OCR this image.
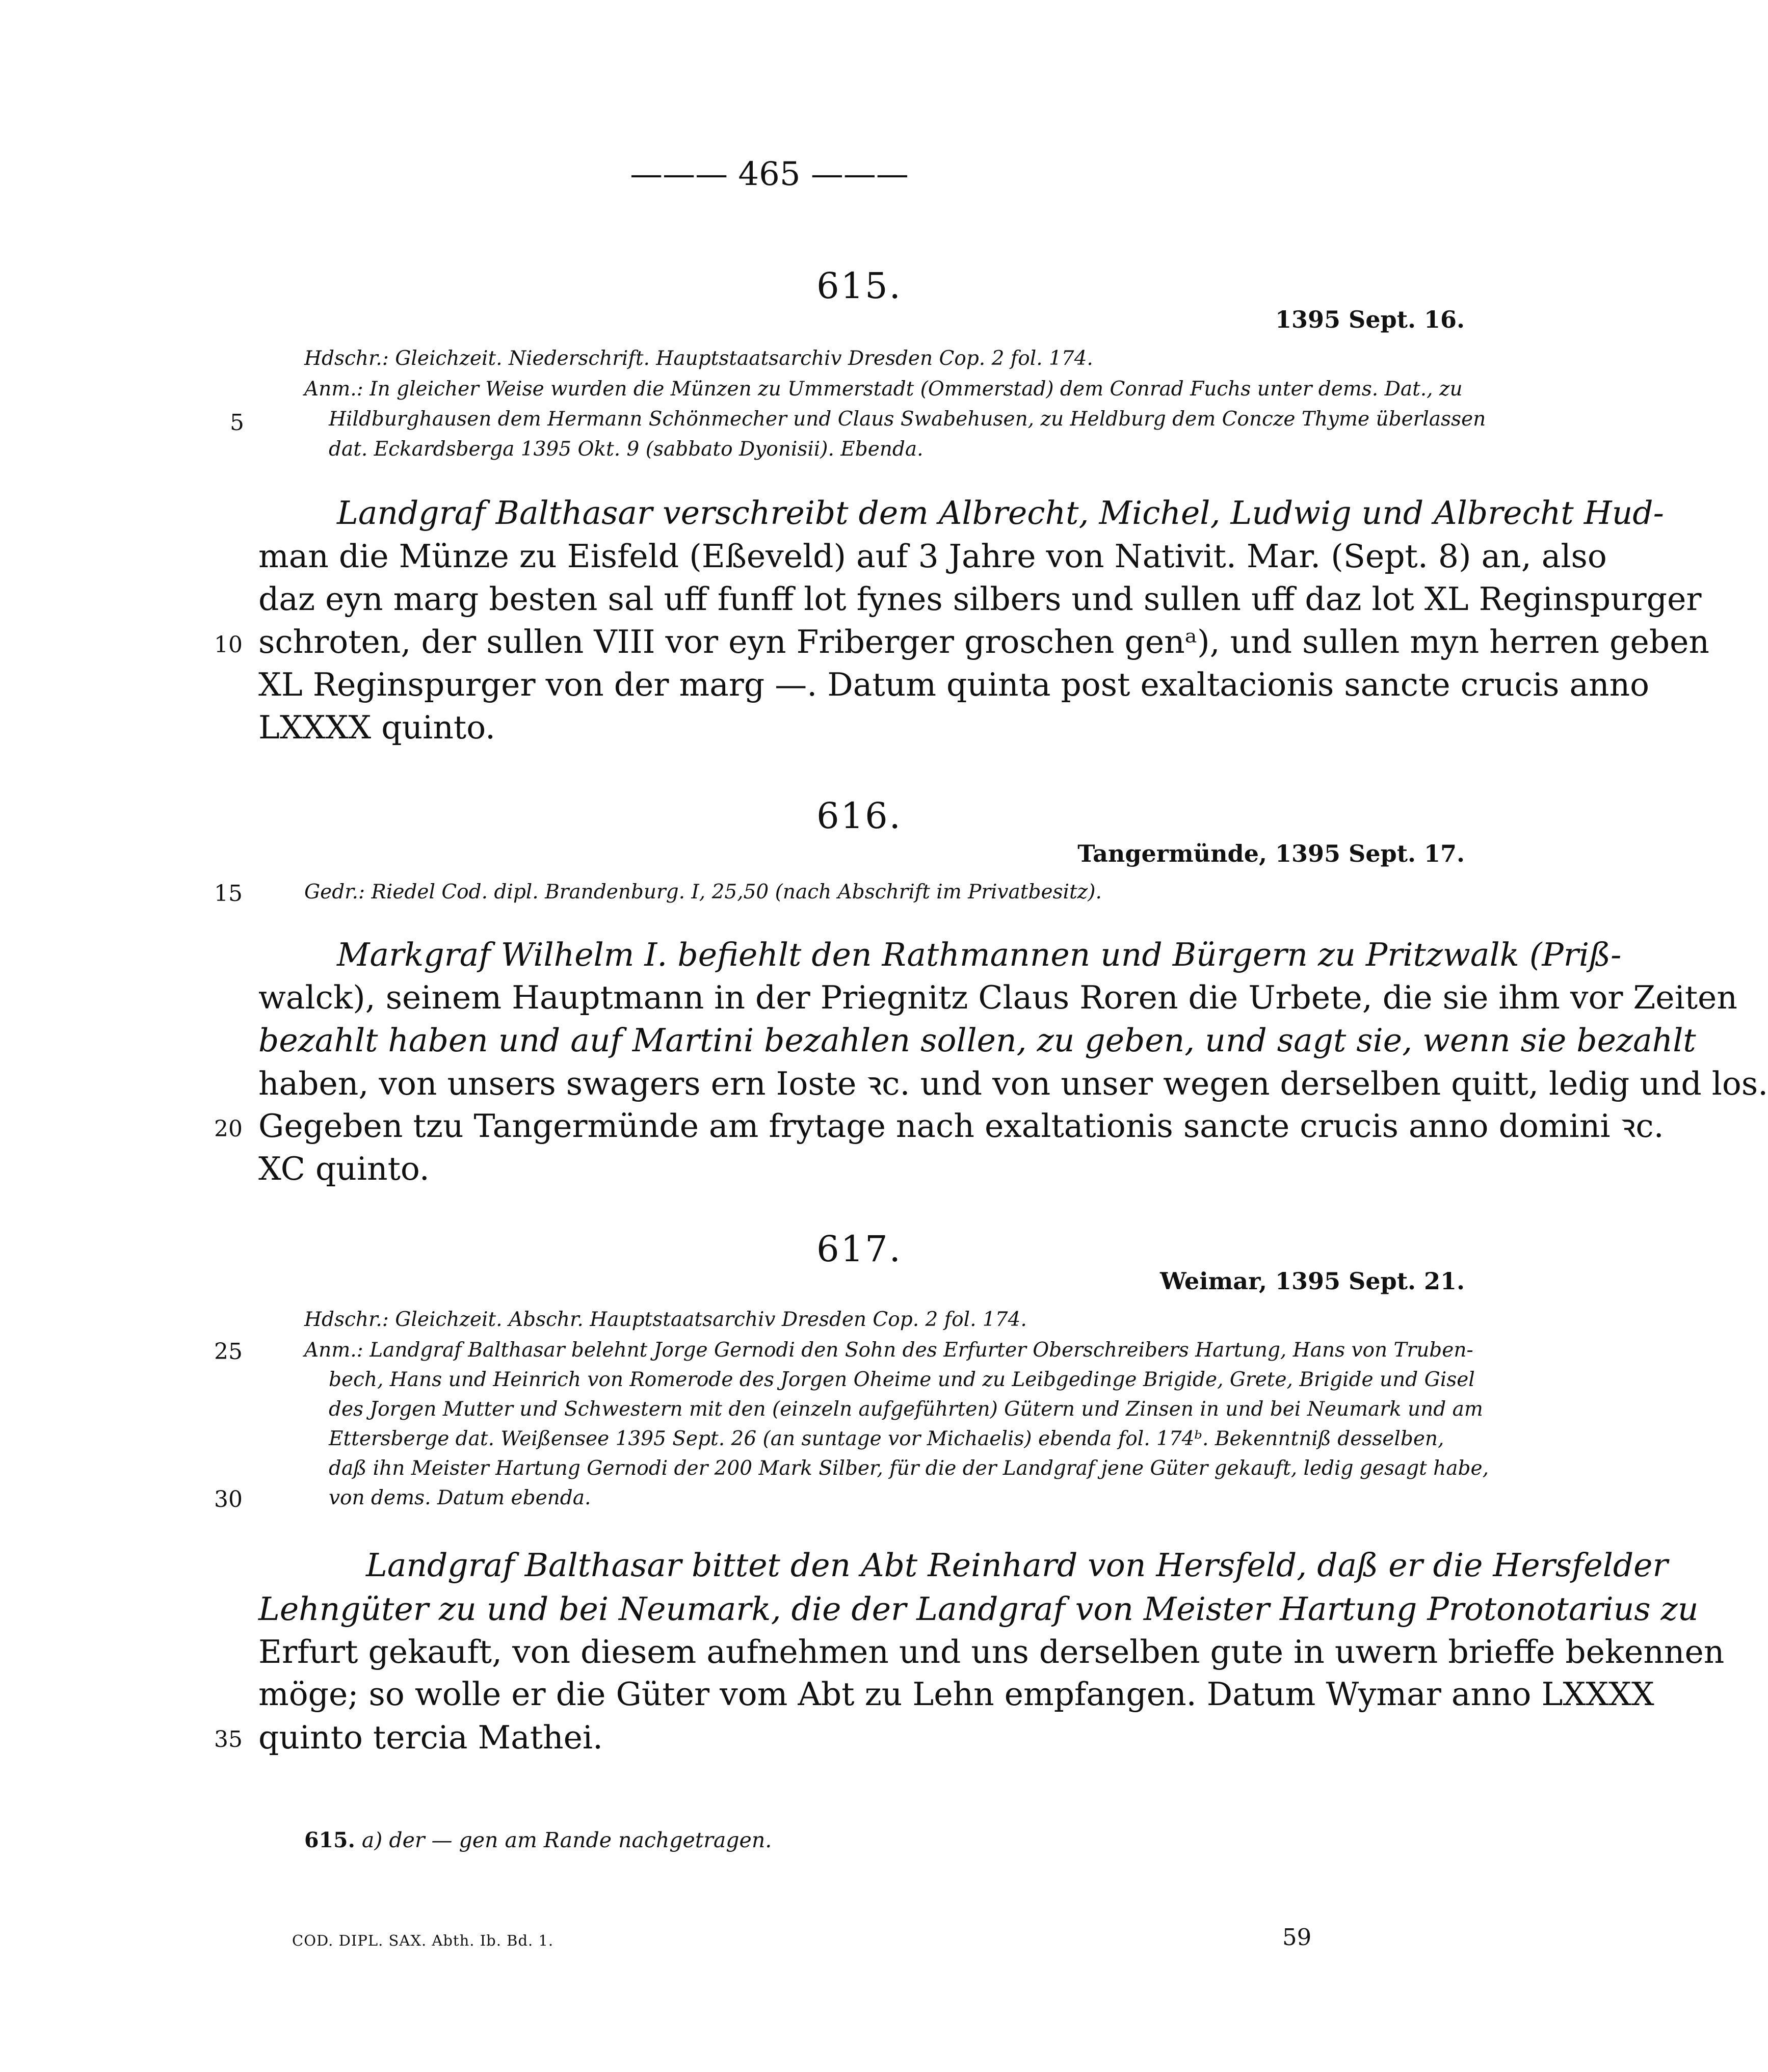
——— 465 ———
615.
1395 Sept. 16.
Hdschr.: Gleichzeit. Niederschrift. Hauptstaatsarchiv Dresden Cop. 2 fol. 174.
Anm.: In gleicher Weise wurden die Münzen zu Ummerstadt (Ommerstad) dem Conrad Fuchs unter dems. Dat., zu
Hildburghausen dem Hermann Schönmecher und Claus Swabehusen, zu Heldburg dem Concze Thyme überlassen
dat. Eckardsberga 1395 Okt. 9 (sabbato Dyonisii). Ebenda.
5
Landgraf Balthasar verschreibt dem Albrecht, Michel, Ludwig und Albrecht Hud-
man die Münze zu Eisfeld (Eßeveld) auf 3 Jahre von Nativit. Mar. (Sept. 8) an, also
daz eyn marg besten sal uff funff lot fynes silbers und sullen uff daz lot XL Reginspurger
10 schroten, der sullen VIII vor eyn Friberger groschen genᵃ), und sullen myn herren geben
XL Reginspurger von der marg —. Datum quinta post exaltacionis sancte crucis anno
LXXXX quinto.
616.
Tangermünde, 1395 Sept. 17.
15	Gedr.: Riedel Cod. dipl. Brandenburg. I, 25,50 (nach Abschrift im Privatbesitz).
Markgraf Wilhelm I. befiehlt den Rathmannen und Bürgern zu Pritzwalk (Priß-
walck), seinem Hauptmann in der Priegnitz Claus Roren die Urbete, die sie ihm vor Zeiten
bezahlt haben und auf Martini bezahlen sollen, zu geben, und sagt sie, wenn sie bezahlt
haben, von unsers swagers ern Ioste ꝛc. und von unser wegen derselben quitt, ledig und los.
20 Gegeben tzu Tangermünde am frytage nach exaltationis sancte crucis anno domini ꝛc.
XC quinto.
617.
Weimar, 1395 Sept. 21.
Hdschr.: Gleichzeit. Abschr. Hauptstaatsarchiv Dresden Cop. 2 fol. 174.
25	Anm.: Landgraf Balthasar belehnt Jorge Gernodi den Sohn des Erfurter Oberschreibers Hartung, Hans von Truben-
bech, Hans und Heinrich von Romerode des Jorgen Oheime und zu Leibgedinge Brigide, Grete, Brigide und Gisel
des Jorgen Mutter und Schwestern mit den (einzeln aufgeführten) Gütern und Zinsen in und bei Neumark und am
Ettersberge dat. Weißensee 1395 Sept. 26 (an suntage vor Michaelis) ebenda fol. 174ᵇ. Bekenntniß desselben,
daß ihn Meister Hartung Gernodi der 200 Mark Silber, für die der Landgraf jene Güter gekauft, ledig gesagt habe,
30	von dems. Datum ebenda.
Landgraf Balthasar bittet den Abt Reinhard von Hersfeld, daß er die Hersfelder
Lehngüter zu und bei Neumark, die der Landgraf von Meister Hartung Protonotarius zu
Erfurt gekauft, von diesem aufnehmen und uns derselben gute in uwern brieffe bekennen
möge; so wolle er die Güter vom Abt zu Lehn empfangen. Datum Wymar anno LXXXX
35 quinto tercia Mathei.
615. a) der — gen am Rande nachgetragen.
COD. DIPL. SAX. Abth. Ib. Bd. 1.	59
